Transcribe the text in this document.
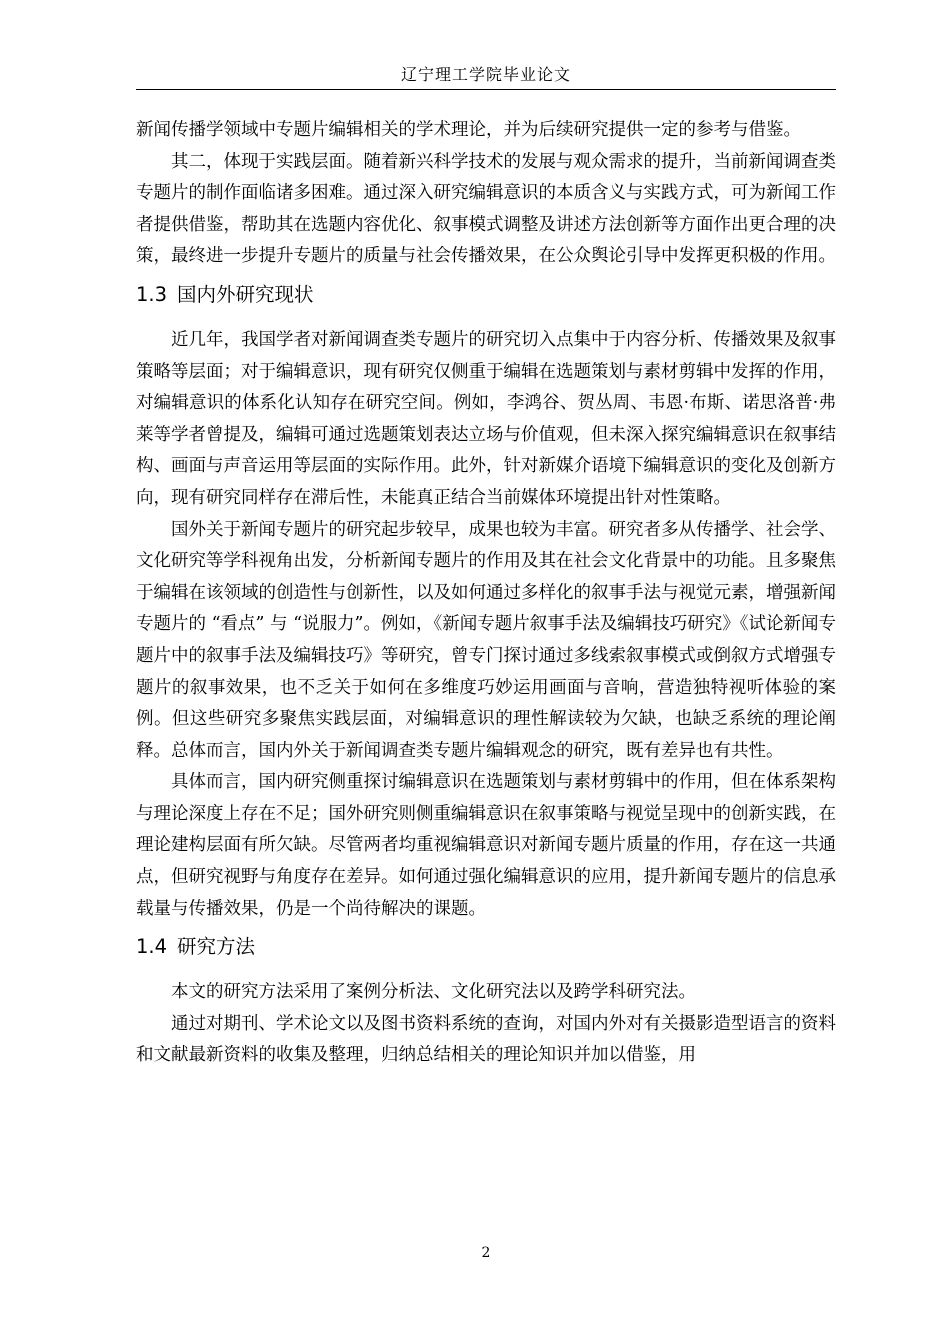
辽宁理工学院毕业论文

新闻传播学领域中专题片编辑相关的学术理论，并为后续研究提供一定的参考与借鉴。

其二，体现于实践层面。随着新兴科学技术的发展与观众需求的提升，当前新闻调查类专题片的制作面临诸多困难。通过深入研究编辑意识的本质含义与实践方式，可为新闻工作者提供借鉴，帮助其在选题内容优化、叙事模式调整及讲述方法创新等方面作出更合理的决策，最终进一步提升专题片的质量与社会传播效果，在公众舆论引导中发挥更积极的作用。

1.3 国内外研究现状

近几年，我国学者对新闻调查类专题片的研究切入点集中于内容分析、传播效果及叙事策略等层面；对于编辑意识，现有研究仅侧重于编辑在选题策划与素材剪辑中发挥的作用，对编辑意识的体系化认知存在研究空间。例如，李鸿谷、贺丛周、韦恩·布斯、诺思洛普·弗莱等学者曾提及，编辑可通过选题策划表达立场与价值观，但未深入探究编辑意识在叙事结构、画面与声音运用等层面的实际作用。此外，针对新媒介语境下编辑意识的变化及创新方向，现有研究同样存在滞后性，未能真正结合当前媒体环境提出针对性策略。

国外关于新闻专题片的研究起步较早，成果也较为丰富。研究者多从传播学、社会学、文化研究等学科视角出发，分析新闻专题片的作用及其在社会文化背景中的功能。且多聚焦于编辑在该领域的创造性与创新性，以及如何通过多样化的叙事手法与视觉元素，增强新闻专题片的 “看点” 与 “说服力”。例如，《新闻专题片叙事手法及编辑技巧研究》《试论新闻专题片中的叙事手法及编辑技巧》等研究，曾专门探讨通过多线索叙事模式或倒叙方式增强专题片的叙事效果，也不乏关于如何在多维度巧妙运用画面与音响，营造独特视听体验的案例。但这些研究多聚焦实践层面，对编辑意识的理性解读较为欠缺，也缺乏系统的理论阐释。总体而言，国内外关于新闻调查类专题片编辑观念的研究，既有差异也有共性。

具体而言，国内研究侧重探讨编辑意识在选题策划与素材剪辑中的作用，但在体系架构与理论深度上存在不足；国外研究则侧重编辑意识在叙事策略与视觉呈现中的创新实践，在理论建构层面有所欠缺。尽管两者均重视编辑意识对新闻专题片质量的作用，存在这一共通点，但研究视野与角度存在差异。如何通过强化编辑意识的应用，提升新闻专题片的信息承载量与传播效果，仍是一个尚待解决的课题。

1.4 研究方法

本文的研究方法采用了案例分析法、文化研究法以及跨学科研究法。

通过对期刊、学术论文以及图书资料系统的查询，对国内外对有关摄影造型语言的资料和文献最新资料的收集及整理，归纳总结相关的理论知识并加以借鉴，用

2
